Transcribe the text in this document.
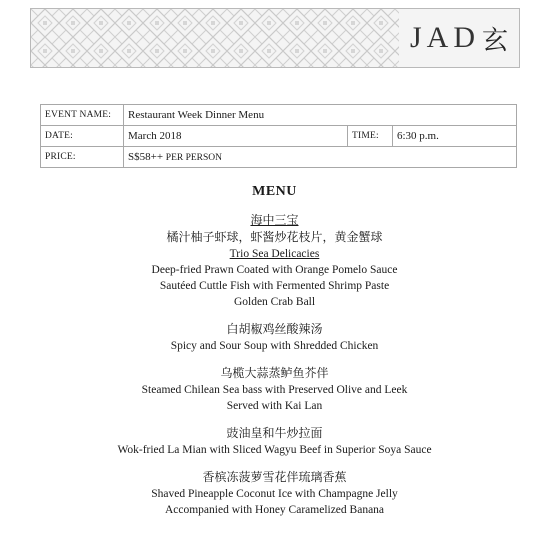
JAD 玄
EVENT NAME:	Restaurant Week Dinner Menu		
DATE:	March 2018	TIME:	6:30 p.m.
PRICE:	S$58++ PER PERSON		
MENU
海中三宝
橘汁柚子虾球，虾酱炒花枝片，黄金蟹球
Trio Sea Delicacies
Deep-fried Prawn Coated with Orange Pomelo Sauce
Sautéed Cuttle Fish with Fermented Shrimp Paste
Golden Crab Ball
白胡椒鸡丝酸辣汤
Spicy and Sour Soup with Shredded Chicken
乌榄大蒜蒸鲈鱼芥伴
Steamed Chilean Sea bass with Preserved Olive and Leek
Served with Kai Lan
豉油皇和牛炒拉面
Wok-fried La Mian with Sliced Wagyu Beef in Superior Soya Sauce
香槟冻菠萝雪花伴琉璃香蕉
Shaved Pineapple Coconut Ice with Champagne Jelly
Accompanied with Honey Caramelized Banana
